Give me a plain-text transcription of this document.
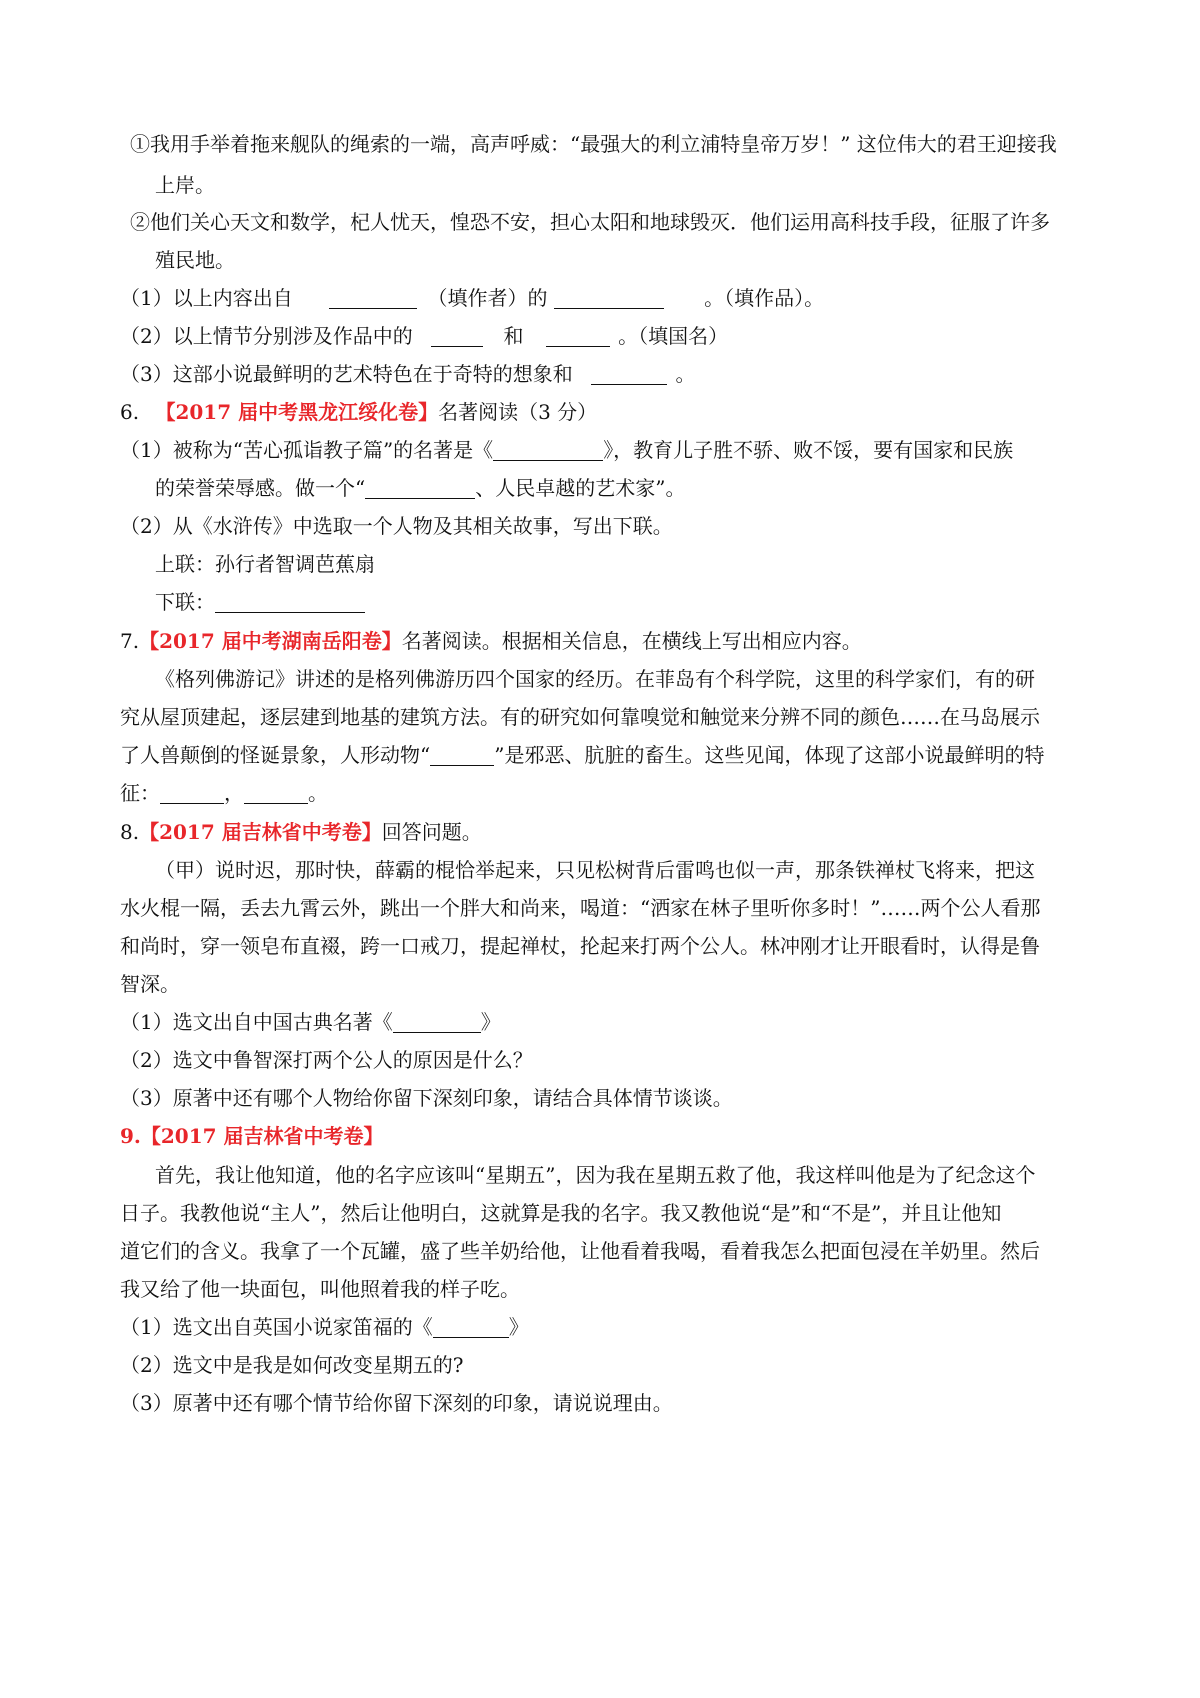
①我用手举着拖来舰队的绳索的一端，高声呼威：“最强大的利立浦特皇帝万岁！” 这位伟大的君王迎接我
上岸。
②他们关心天文和数学，杞人忧天，惶恐不安，担心太阳和地球毁灭．他们运用高科技手段，征服了许多
殖民地。
（1）以上内容出自	（填作者）的	。（填作品）。
（2）以上情节分别涉及作品中的	和	。（填国名）
（3）这部小说最鲜明的艺术特色在于奇特的想象和	。
6. 【2017 届中考黑龙江绥化卷】名著阅读（3 分）
（1）被称为“苦心孤诣教子篇”的名著是《	》，教育儿子胜不骄、败不馁，要有国家和民族
的荣誉荣辱感。做一个“	、人民卓越的艺术家”。
（2）从《水浒传》中选取一个人物及其相关故事，写出下联。
上联：孙行者智调芭蕉扇
下联：
7.【2017 届中考湖南岳阳卷】名著阅读。根据相关信息，在横线上写出相应内容。
《格列佛游记》讲述的是格列佛游历四个国家的经历。在菲岛有个科学院，这里的科学家们，有的研
究从屋顶建起，逐层建到地基的建筑方法。有的研究如何靠嗅觉和触觉来分辨不同的颜色……在马岛展示
了人兽颠倒的怪诞景象，人形动物“	”是邪恶、肮脏的畜生。这些见闻，体现了这部小说最鲜明的特
征：	，	。
8.【2017 届吉林省中考卷】回答问题。
（甲）说时迟，那时快，薛霸的棍恰举起来，只见松树背后雷鸣也似一声，那条铁禅杖飞将来，把这
水火棍一隔，丢去九霄云外，跳出一个胖大和尚来，喝道：“洒家在林子里听你多时！”……两个公人看那
和尚时，穿一领皂布直裰，跨一口戒刀，提起禅杖，抡起来打两个公人。林冲刚才让开眼看时，认得是鲁
智深。
（1）选文出自中国古典名著《	》
（2）选文中鲁智深打两个公人的原因是什么？
（3）原著中还有哪个人物给你留下深刻印象，请结合具体情节谈谈。
9.【2017 届吉林省中考卷】
首先，我让他知道，他的名字应该叫“星期五”，因为我在星期五救了他，我这样叫他是为了纪念这个
日子。我教他说“主人”，然后让他明白，这就算是我的名字。我又教他说“是”和“不是”，并且让他知
道它们的含义。我拿了一个瓦罐，盛了些羊奶给他，让他看着我喝，看着我怎么把面包浸在羊奶里。然后
我又给了他一块面包，叫他照着我的样子吃。
（1）选文出自英国小说家笛福的《	》
（2）选文中是我是如何改变星期五的?
（3）原著中还有哪个情节给你留下深刻的印象，请说说理由。
